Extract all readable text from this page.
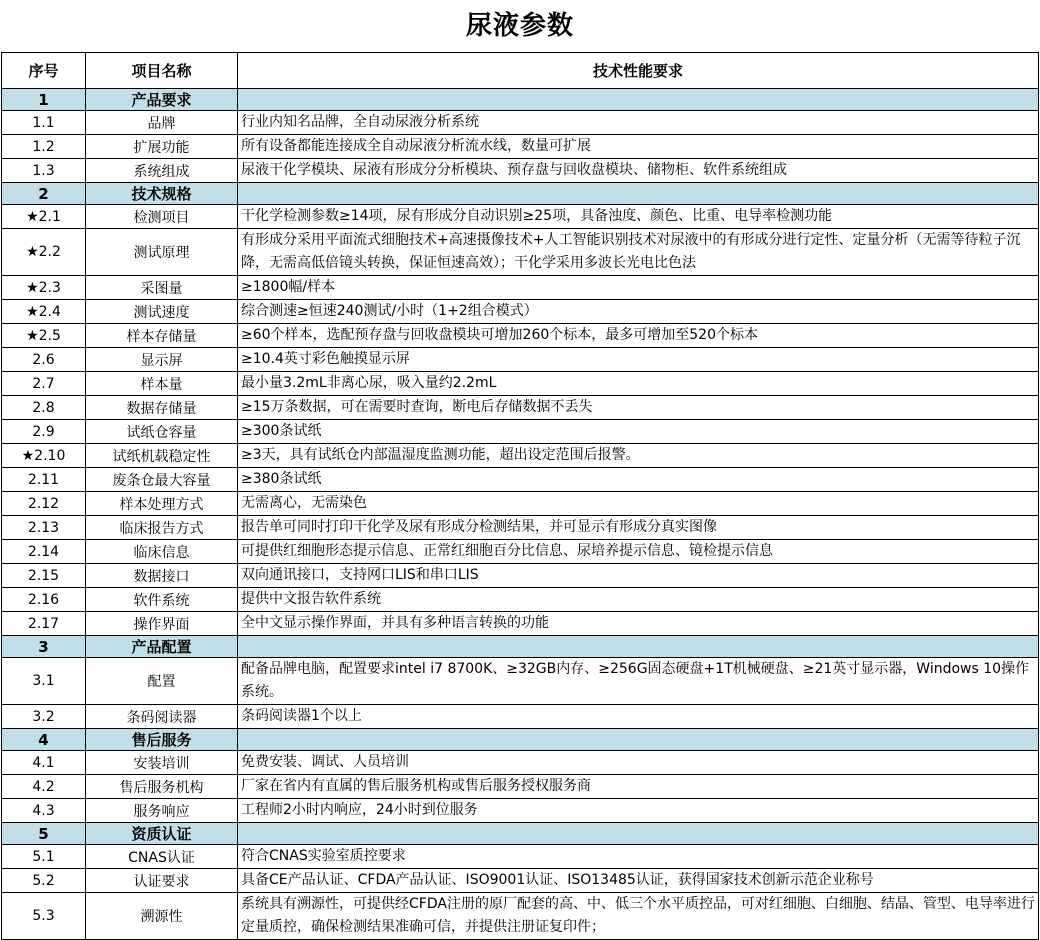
尿液参数
序号	项目名称	技术性能要求
1	产品要求	
1.1	品牌	行业内知名品牌，全自动尿液分析系统
1.2	扩展功能	所有设备都能连接成全自动尿液分析流水线，数量可扩展
1.3	系统组成	尿液干化学模块、尿液有形成分分析模块、预存盘与回收盘模块、储物柜、软件系统组成
2	技术规格	
★2.1	检测项目	干化学检测参数≥14项，尿有形成分自动识别≥25项，具备浊度、颜色、比重、电导率检测功能
★2.2	测试原理	有形成分采用平面流式细胞技术+高速摄像技术+人工智能识别技术对尿液中的有形成分进行定性、定量分析（无需等待粒子沉降，无需高低倍镜头转换，保证恒速高效）；干化学采用多波长光电比色法
★2.3	采图量	≥1800幅/样本
★2.4	测试速度	综合测速≥恒速240测试/小时（1+2组合模式）
★2.5	样本存储量	≥60个样本，选配预存盘与回收盘模块可增加260个标本，最多可增加至520个标本
2.6	显示屏	≥10.4英寸彩色触摸显示屏
2.7	样本量	最小量3.2mL非离心尿，吸入量约2.2mL
2.8	数据存储量	≥15万条数据，可在需要时查询，断电后存储数据不丢失
2.9	试纸仓容量	≥300条试纸
★2.10	试纸机载稳定性	≥3天，具有试纸仓内部温湿度监测功能，超出设定范围后报警。
2.11	废条仓最大容量	≥380条试纸
2.12	样本处理方式	无需离心，无需染色
2.13	临床报告方式	报告单可同时打印干化学及尿有形成分检测结果，并可显示有形成分真实图像
2.14	临床信息	可提供红细胞形态提示信息、正常红细胞百分比信息、尿培养提示信息、镜检提示信息
2.15	数据接口	双向通讯接口，支持网口LIS和串口LIS
2.16	软件系统	提供中文报告软件系统
2.17	操作界面	全中文显示操作界面，并具有多种语言转换的功能
3	产品配置	
3.1	配置	配备品牌电脑，配置要求intel i7 8700K、≥32GB内存、≥256G固态硬盘+1T机械硬盘、≥21英寸显示器，Windows 10操作系统。
3.2	条码阅读器	条码阅读器1个以上
4	售后服务	
4.1	安装培训	免费安装、调试、人员培训
4.2	售后服务机构	厂家在省内有直属的售后服务机构或售后服务授权服务商
4.3	服务响应	工程师2小时内响应，24小时到位服务
5	资质认证	
5.1	CNAS认证	符合CNAS实验室质控要求
5.2	认证要求	具备CE产品认证、CFDA产品认证、ISO9001认证、ISO13485认证，获得国家技术创新示范企业称号
5.3	溯源性	系统具有溯源性，可提供经CFDA注册的原厂配套的高、中、低三个水平质控品，可对红细胞、白细胞、结晶、管型、电导率进行定量质控，确保检测结果准确可信，并提供注册证复印件；
